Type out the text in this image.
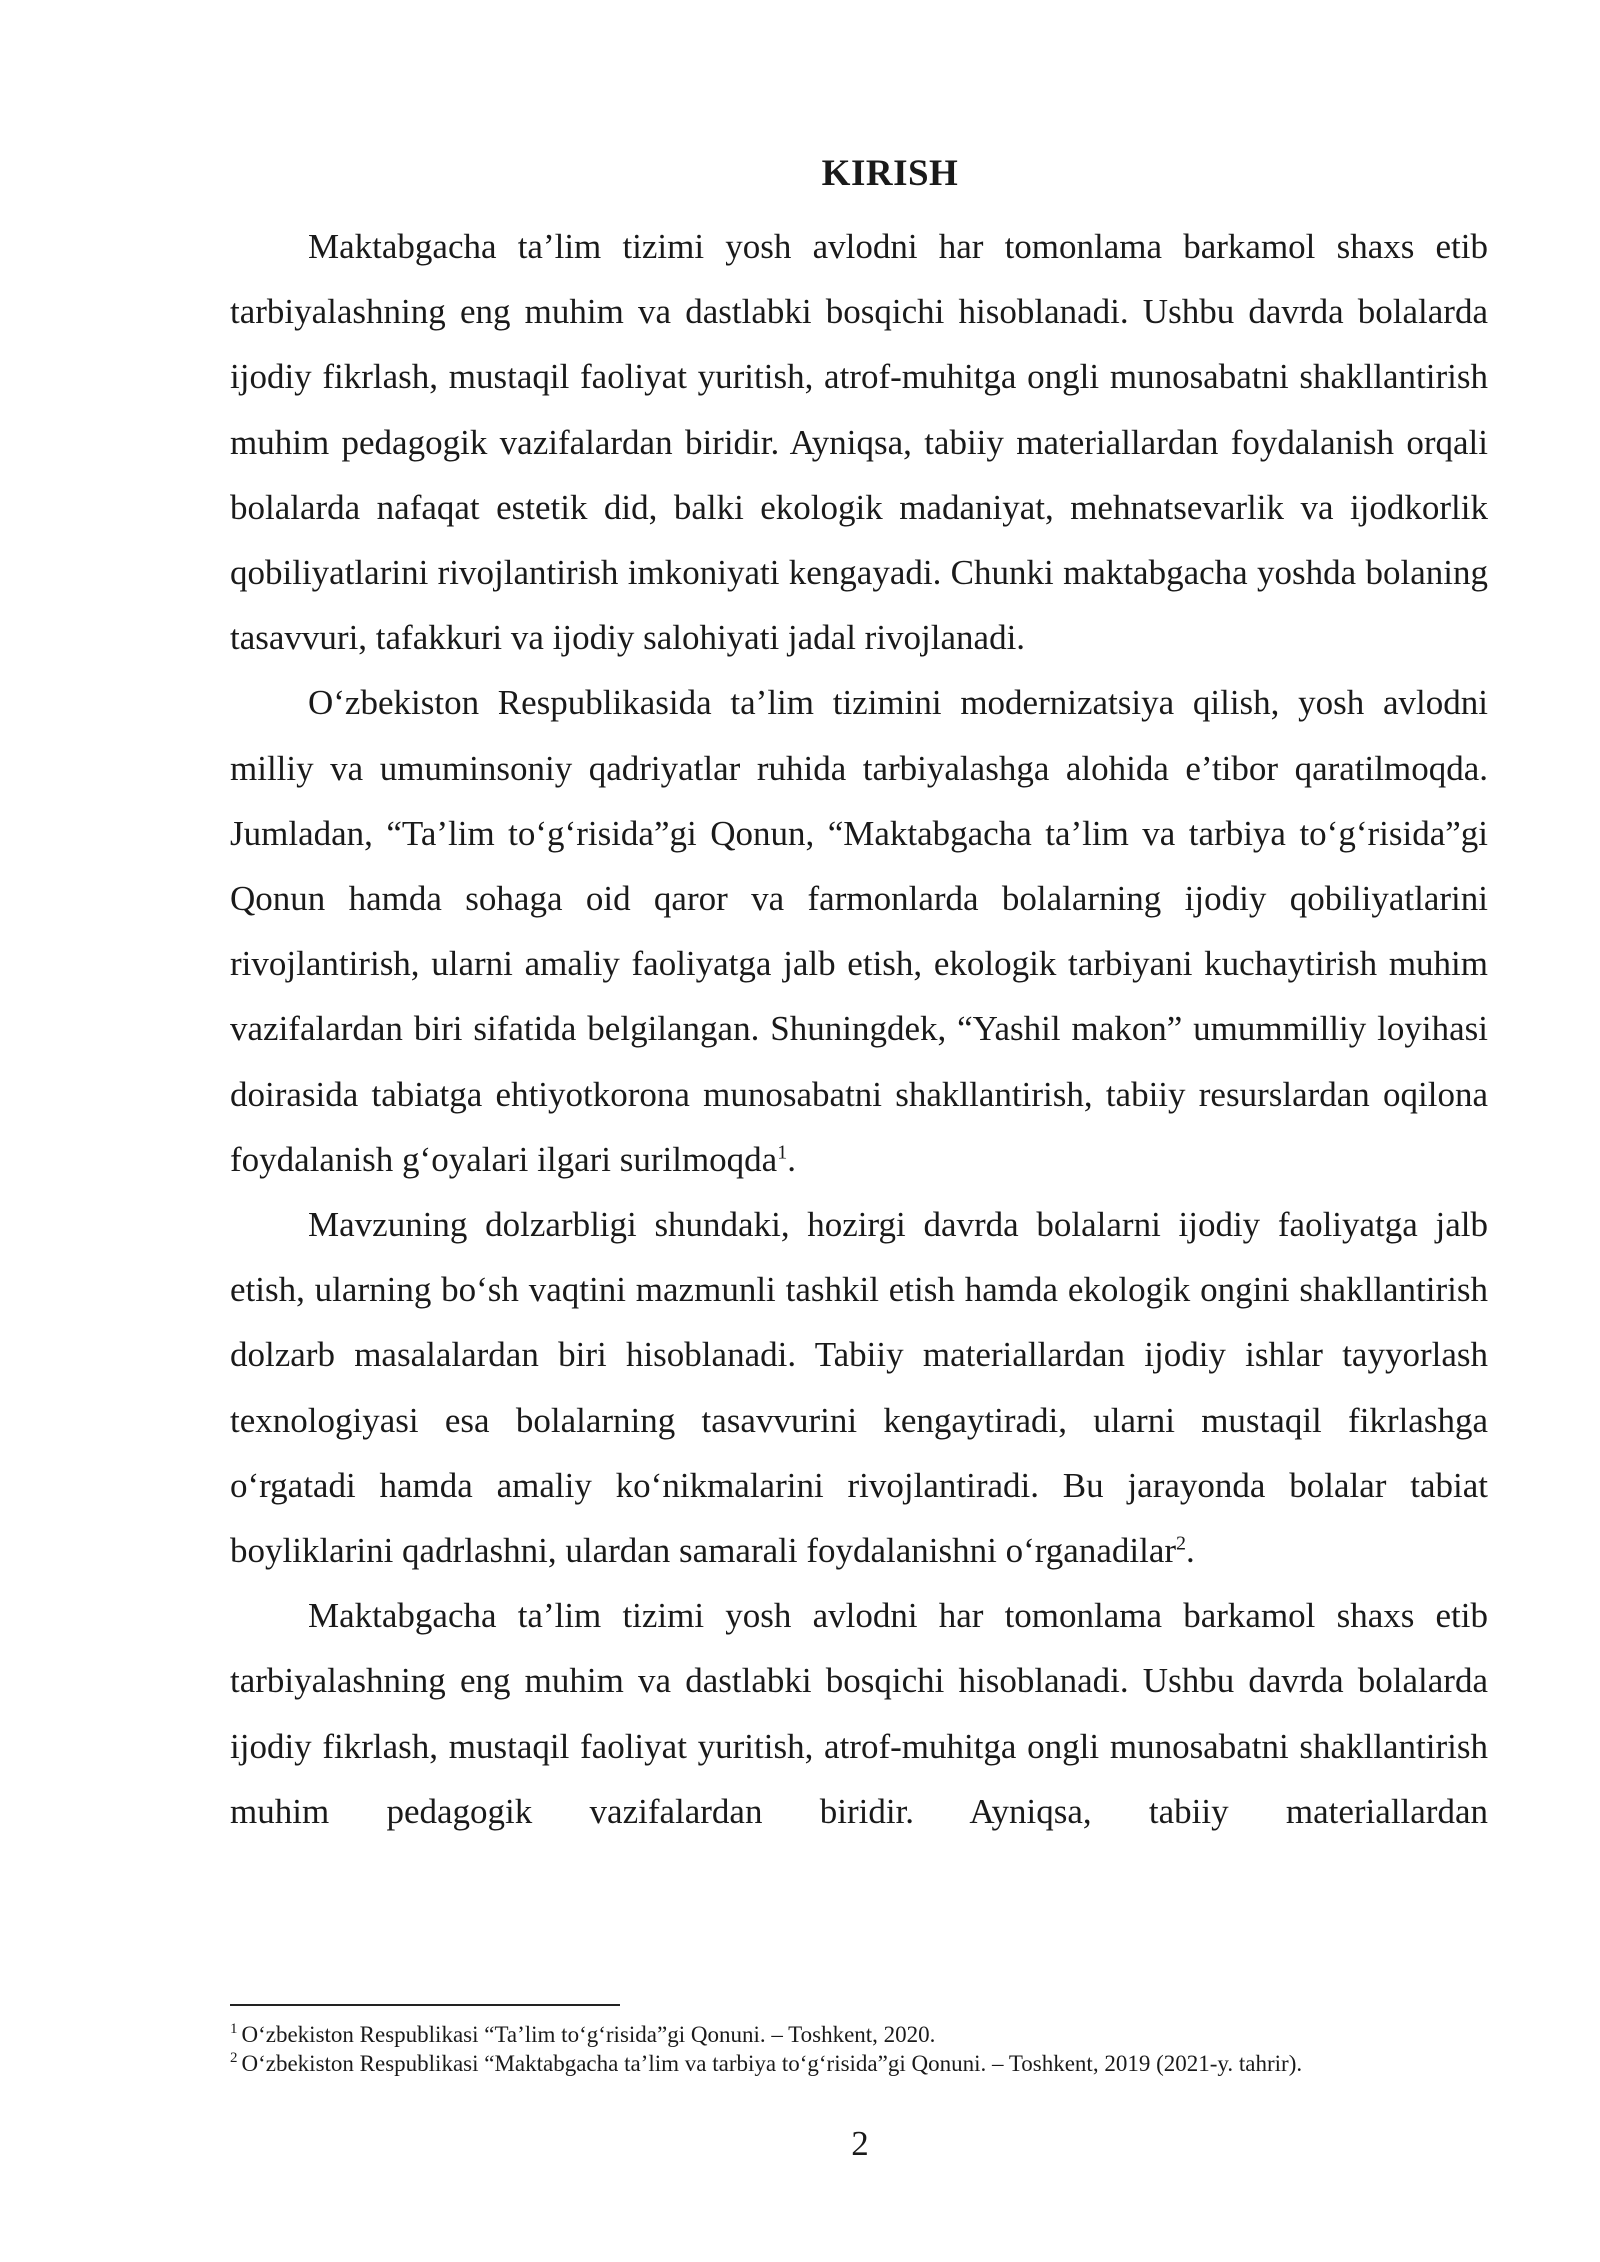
KIRISH

Maktabgacha ta’lim tizimi yosh avlodni har tomonlama barkamol shaxs etib tarbiyalashning eng muhim va dastlabki bosqichi hisoblanadi. Ushbu davrda bolalarda ijodiy fikrlash, mustaqil faoliyat yuritish, atrof-muhitga ongli munosabatni shakllantirish muhim pedagogik vazifalardan biridir. Ayniqsa, tabiiy materiallardan foydalanish orqali bolalarda nafaqat estetik did, balki ekologik madaniyat, mehnatsevarlik va ijodkorlik qobiliyatlarini rivojlantirish imkoniyati kengayadi. Chunki maktabgacha yoshda bolaning tasavvuri, tafakkuri va ijodiy salohiyati jadal rivojlanadi.

O‘zbekiston Respublikasida ta’lim tizimini modernizatsiya qilish, yosh avlodni milliy va umuminsoniy qadriyatlar ruhida tarbiyalashga alohida e’tibor qaratilmoqda. Jumladan, “Ta’lim to‘g‘risida”gi Qonun, “Maktabgacha ta’lim va tarbiya to‘g‘risida”gi Qonun hamda sohaga oid qaror va farmonlarda bolalarning ijodiy qobiliyatlarini rivojlantirish, ularni amaliy faoliyatga jalb etish, ekologik tarbiyani kuchaytirish muhim vazifalardan biri sifatida belgilangan. Shuningdek, “Yashil makon” umummilliy loyihasi doirasida tabiatga ehtiyotkorona munosabatni shakllantirish, tabiiy resurslardan oqilona foydalanish g‘oyalari ilgari surilmoqda$^1$.

Mavzuning dolzarbligi shundaki, hozirgi davrda bolalarni ijodiy faoliyatga jalb etish, ularning bo‘sh vaqtini mazmunli tashkil etish hamda ekologik ongini shakllantirish dolzarb masalalardan biri hisoblanadi. Tabiiy materiallardan ijodiy ishlar tayyorlash texnologiyasi esa bolalarning tasavvurini kengaytiradi, ularni mustaqil fikrlashga o‘rgatadi hamda amaliy ko‘nikmalarini rivojlantiradi. Bu jarayonda bolalar tabiat boyliklarini qadrlashni, ulardan samarali foydalanishni o‘rganadilar$^2$.

Maktabgacha ta’lim tizimi yosh avlodni har tomonlama barkamol shaxs etib tarbiyalashning eng muhim va dastlabki bosqichi hisoblanadi. Ushbu davrda bolalarda ijodiy fikrlash, mustaqil faoliyat yuritish, atrof-muhitga ongli munosabatni shakllantirish muhim pedagogik vazifalardan biridir. Ayniqsa, tabiiy materiallardan

$^1$ O‘zbekiston Respublikasi “Ta’lim to‘g‘risida”gi Qonuni. – Toshkent, 2020.

$^2$ O‘zbekiston Respublikasi “Maktabgacha ta’lim va tarbiya to‘g‘risida”gi Qonuni. – Toshkent, 2019 (2021-y. tahrir).

2
